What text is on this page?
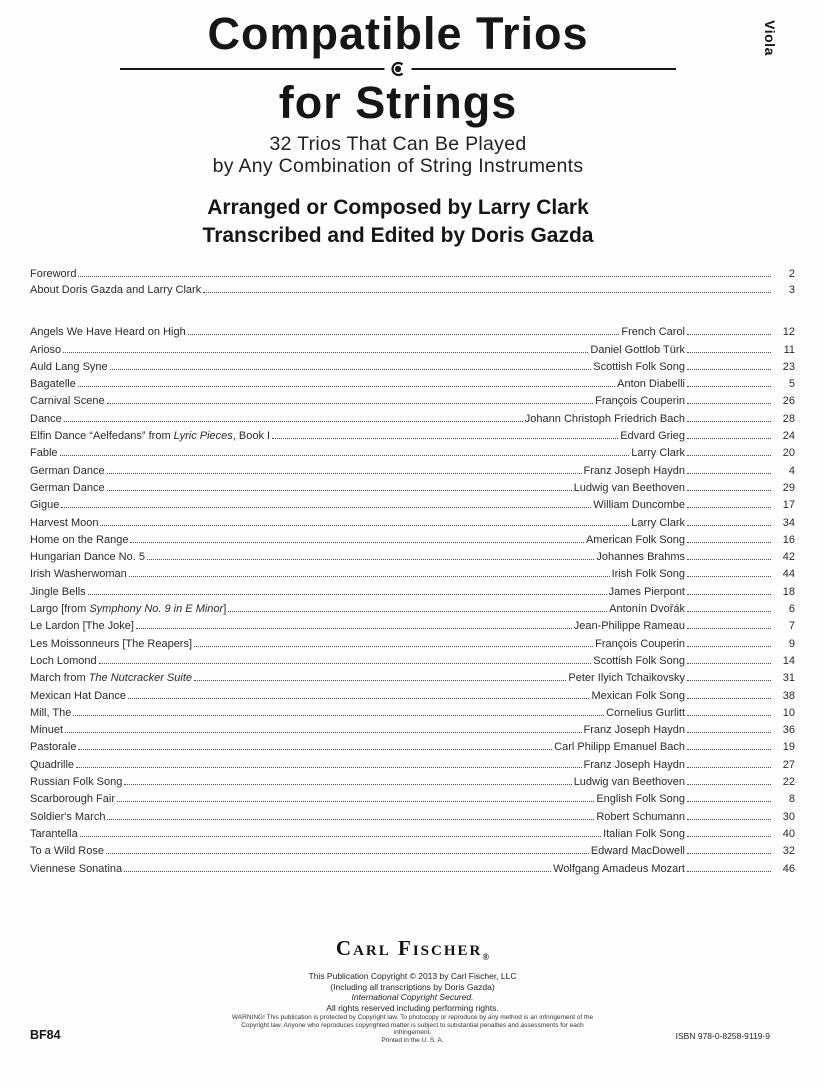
Viola
Compatible Trios
for Strings
32 Trios That Can Be Played
by Any Combination of String Instruments
Arranged or Composed by Larry Clark
Transcribed and Edited by Doris Gazda
Foreword	2
About Doris Gazda and Larry Clark	3
Angels We Have Heard on High	French Carol	12
Arioso	Daniel Gottlob Türk	11
Auld Lang Syne	Scottish Folk Song	23
Bagatelle	Anton Diabelli	5
Carnival Scene	François Couperin	26
Dance	Johann Christoph Friedrich Bach	28
Elfin Dance “Aelfedans” from Lyric Pieces, Book I	Edvard Grieg	24
Fable	Larry Clark	20
German Dance	Franz Joseph Haydn	4
German Dance	Ludwig van Beethoven	29
Gigue	William Duncombe	17
Harvest Moon	Larry Clark	34
Home on the Range	American Folk Song	16
Hungarian Dance No. 5	Johannes Brahms	42
Irish Washerwoman	Irish Folk Song	44
Jingle Bells	James Pierpont	18
Largo [from Symphony No. 9 in E Minor]	Antonín Dvořák	6
Le Lardon [The Joke]	Jean-Philippe Rameau	7
Les Moissonneurs [The Reapers]	François Couperin	9
Loch Lomond	Scottish Folk Song	14
March from The Nutcracker Suite	Peter Ilyich Tchaikovsky	31
Mexican Hat Dance	Mexican Folk Song	38
Mill, The	Cornelius Gurlitt	10
Minuet	Franz Joseph Haydn	36
Pastorale	Carl Philipp Emanuel Bach	19
Quadrille	Franz Joseph Haydn	27
Russian Folk Song	Ludwig van Beethoven	22
Scarborough Fair	English Folk Song	8
Soldier's March	Robert Schumann	30
Tarantella	Italian Folk Song	40
To a Wild Rose	Edward MacDowell	32
Viennese Sonatina	Wolfgang Amadeus Mozart	46
Carl Fischer$_®$
This Publication Copyright © 2013 by Carl Fischer, LLC
(Including all transcriptions by Doris Gazda)
International Copyright Secured.
All rights reserved including performing rights.
WARNING! This publication is protected by Copyright law. To photocopy or reproduce by any method is an infringement of the Copyright law. Anyone who reproduces copyrighted matter is subject to substantial penalties and assessments for each infringement.
Printed in the U. S. A.
BF84	ISBN 978-0-8258-9119-9
